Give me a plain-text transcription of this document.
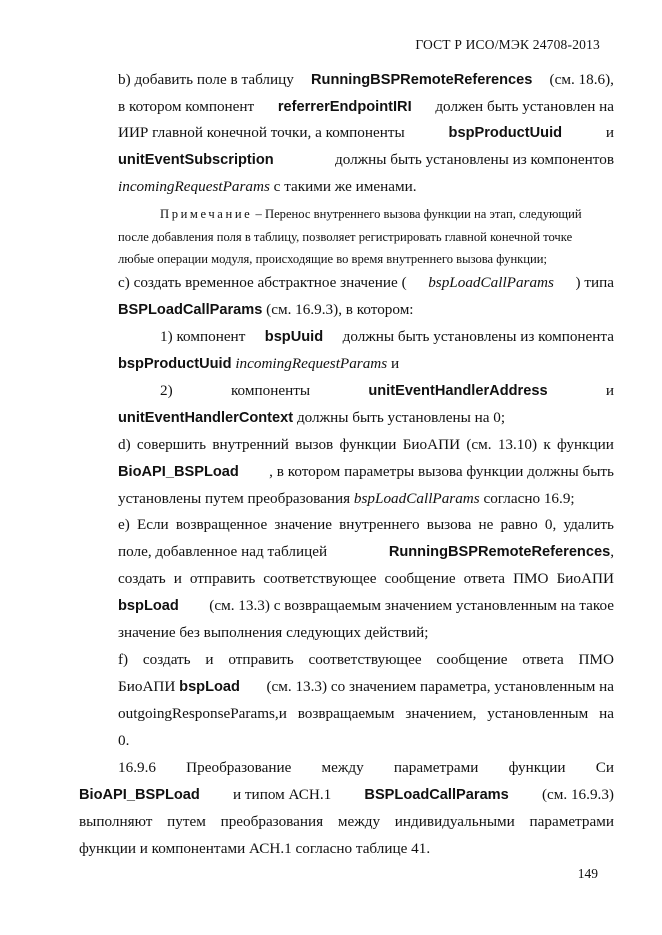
ГОСТ Р ИСО/МЭК 24708-2013
b) добавить поле в таблицу RunningBSPRemoteReferences (см. 18.6),
в котором компонент referrerEndpointIRI должен быть установлен на
ИИР главной конечной точки, а компоненты	bspProductUuid	и
unitEventSubscription	должны быть установлены из компонентов
incomingRequestParams с такими же именами.
Примечание – Перенос внутреннего вызова функции на этап, следующий
после добавления поля в таблицу, позволяет регистрировать главной конечной точке
любые операции модуля, происходящие во время внутреннего вызова функции;
c) создать временное абстрактное значение ( bspLoadCallParams ) типа
BSPLoadCallParams (см. 16.9.3), в котором:
1) компонент bspUuid должны быть установлены из компонента
bspProductUuid incomingRequestParams и
2)	компоненты	unitEventHandlerAddress	и
unitEventHandlerContext должны быть установлены на 0;
d) совершить внутренний вызов функции БиоАПИ (см. 13.10) к функции
BioAPI_BSPLoad , в котором параметры вызова функции должны быть
установлены путем преобразования bspLoadCallParams согласно 16.9;
e) Если возвращенное значение внутреннего вызова не равно 0, удалить
поле, добавленное над таблицей	RunningBSPRemoteReferences,
создать и отправить соответствующее сообщение ответа ПМО БиоАПИ
bspLoad (см. 13.3) с возвращаемым значением установленным на такое
значение без выполнения следующих действий;
f) создать и отправить соответствующее сообщение ответа ПМО
БиоАПИ bspLoad (см. 13.3) со значением параметра, установленным на
outgoingResponseParams,и возвращаемым значением, установленным на
0.
16.9.6 Преобразование между параметрами функции Си
BioAPI_BSPLoad и типом АСН.1 BSPLoadCallParams (см. 16.9.3)
выполняют путем преобразования между индивидуальными параметрами
функции и компонентами АСН.1 согласно таблице 41.
149
